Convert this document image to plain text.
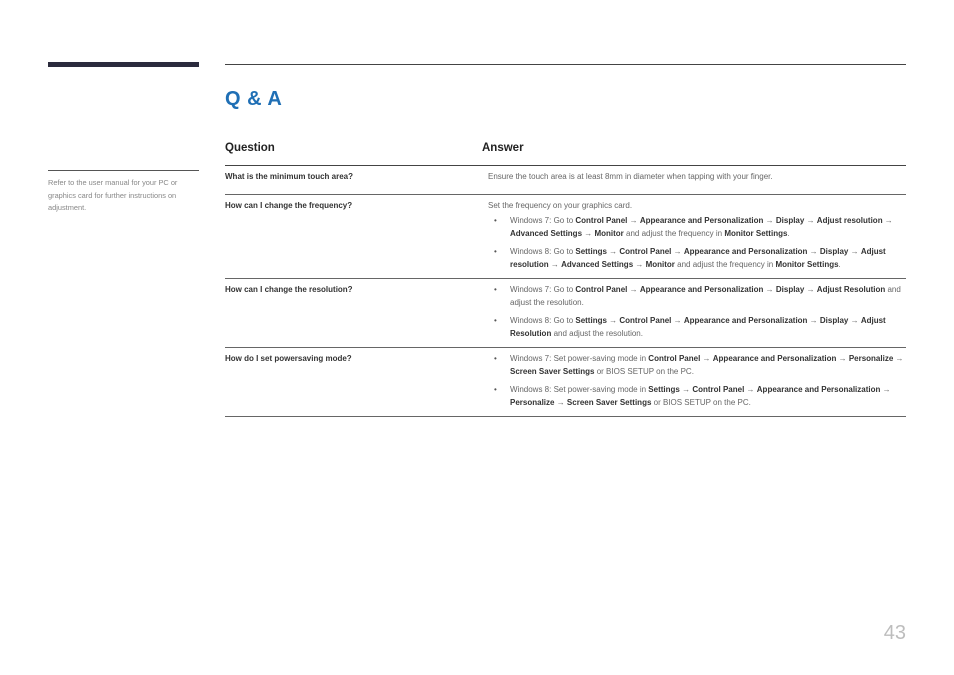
Refer to the user manual for your PC or graphics card for further instructions on adjustment.
Q & A
Question	Answer
What is the minimum touch area?	Ensure the touch area is at least 8mm in diameter when tapping with your finger.

How can I change the frequency?	Set the frequency on your graphics card.

• Windows 7: Go to Control Panel → Appearance and Personalization → Display → Adjust resolution → Advanced Settings → Monitor and adjust the frequency in Monitor Settings.
• Windows 8: Go to Settings → Control Panel → Appearance and Personalization → Display → Adjust resolution → Advanced Settings → Monitor and adjust the frequency in Monitor Settings.
How can I change the resolution?	• Windows 7: Go to Control Panel → Appearance and Personalization → Display → Adjust Resolution and adjust the resolution.
• Windows 8: Go to Settings → Control Panel → Appearance and Personalization → Display → Adjust Resolution and adjust the resolution.
How do I set powersaving mode?	• Windows 7: Set power-saving mode in Control Panel → Appearance and Personalization → Personalize → Screen Saver Settings or BIOS SETUP on the PC.
• Windows 8: Set power-saving mode in Settings → Control Panel → Appearance and Personalization → Personalize → Screen Saver Settings or BIOS SETUP on the PC.
43
